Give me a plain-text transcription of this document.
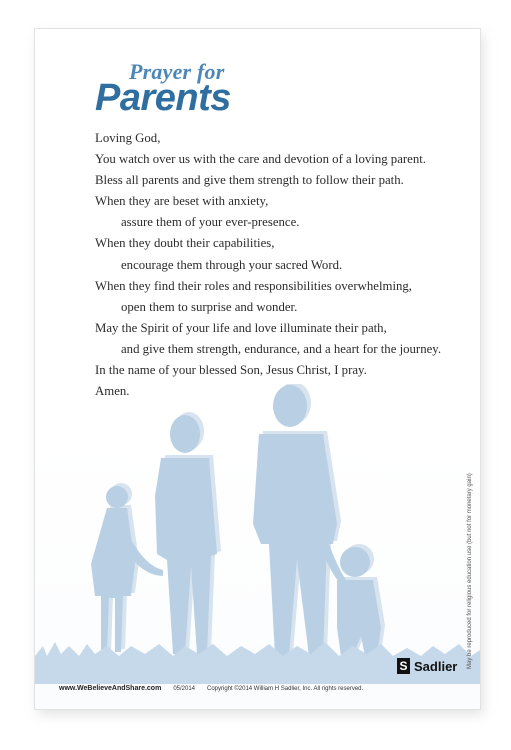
Prayer for
Parents
Loving God,
You watch over us with the care and devotion of a loving parent.
Bless all parents and give them strength to follow their path.
When they are beset with anxiety,
assure them of your ever-presence.
When they doubt their capabilities,
encourage them through your sacred Word.
When they find their roles and responsibilities overwhelming,
open them to surprise and wonder.
May the Spirit of your life and love illuminate their path,
and give them strength, endurance, and a heart for the journey.
In the name of your blessed Son, Jesus Christ, I pray.
Amen.
May be reproduced for religious education use (but not for monetary gain)
S Sadlier
www.WeBelieveAndShare.com 05/2014 Copyright ©2014 William H Sadlier, Inc. All rights reserved.
